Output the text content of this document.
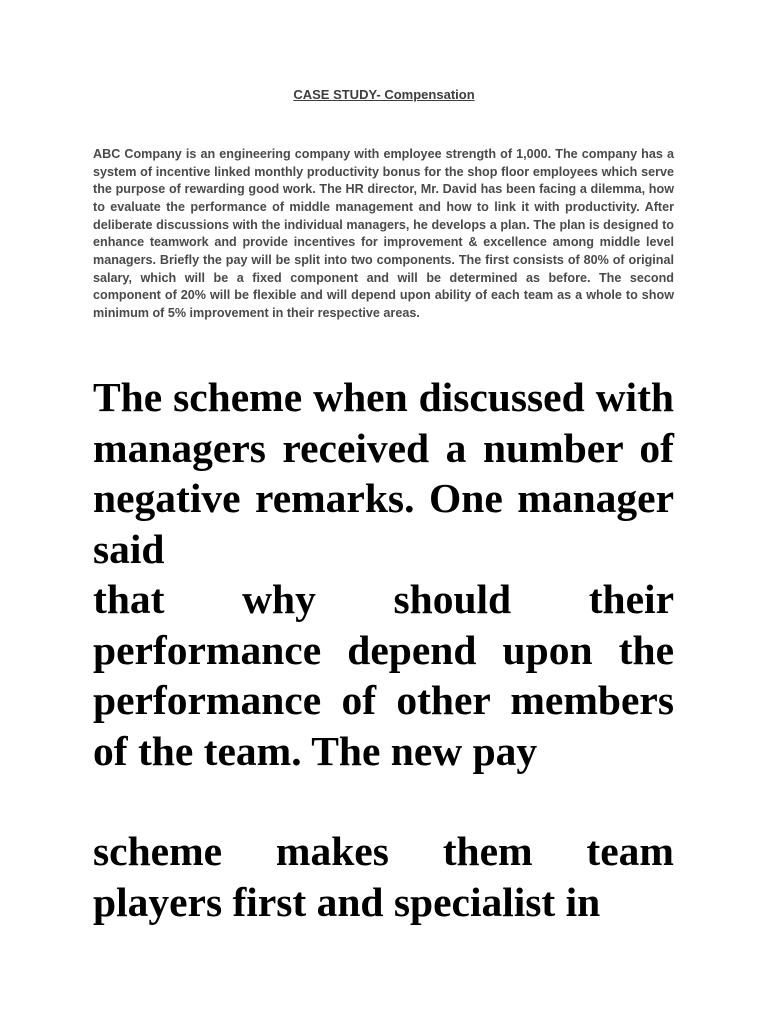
CASE STUDY- Compensation

ABC Company is an engineering company with employee strength of 1,000. The company has a system of incentive linked monthly productivity bonus for the shop floor employees which serve the purpose of rewarding good work. The HR director, Mr. David has been facing a dilemma, how to evaluate the performance of middle management and how to link it with productivity. After deliberate discussions with the individual managers, he develops a plan. The plan is designed to enhance teamwork and provide incentives for improvement & excellence among middle level managers. Briefly the pay will be split into two components. The first consists of 80% of original salary, which will be a fixed component and will be determined as before. The second component of 20% will be flexible and will depend upon ability of each team as a whole to show minimum of 5% improvement in their respective areas.

The scheme when discussed with managers received a number of negative remarks. One manager said

that why should their performance depend upon the performance of other members of the team. The new pay

scheme makes them team players first and specialist in
